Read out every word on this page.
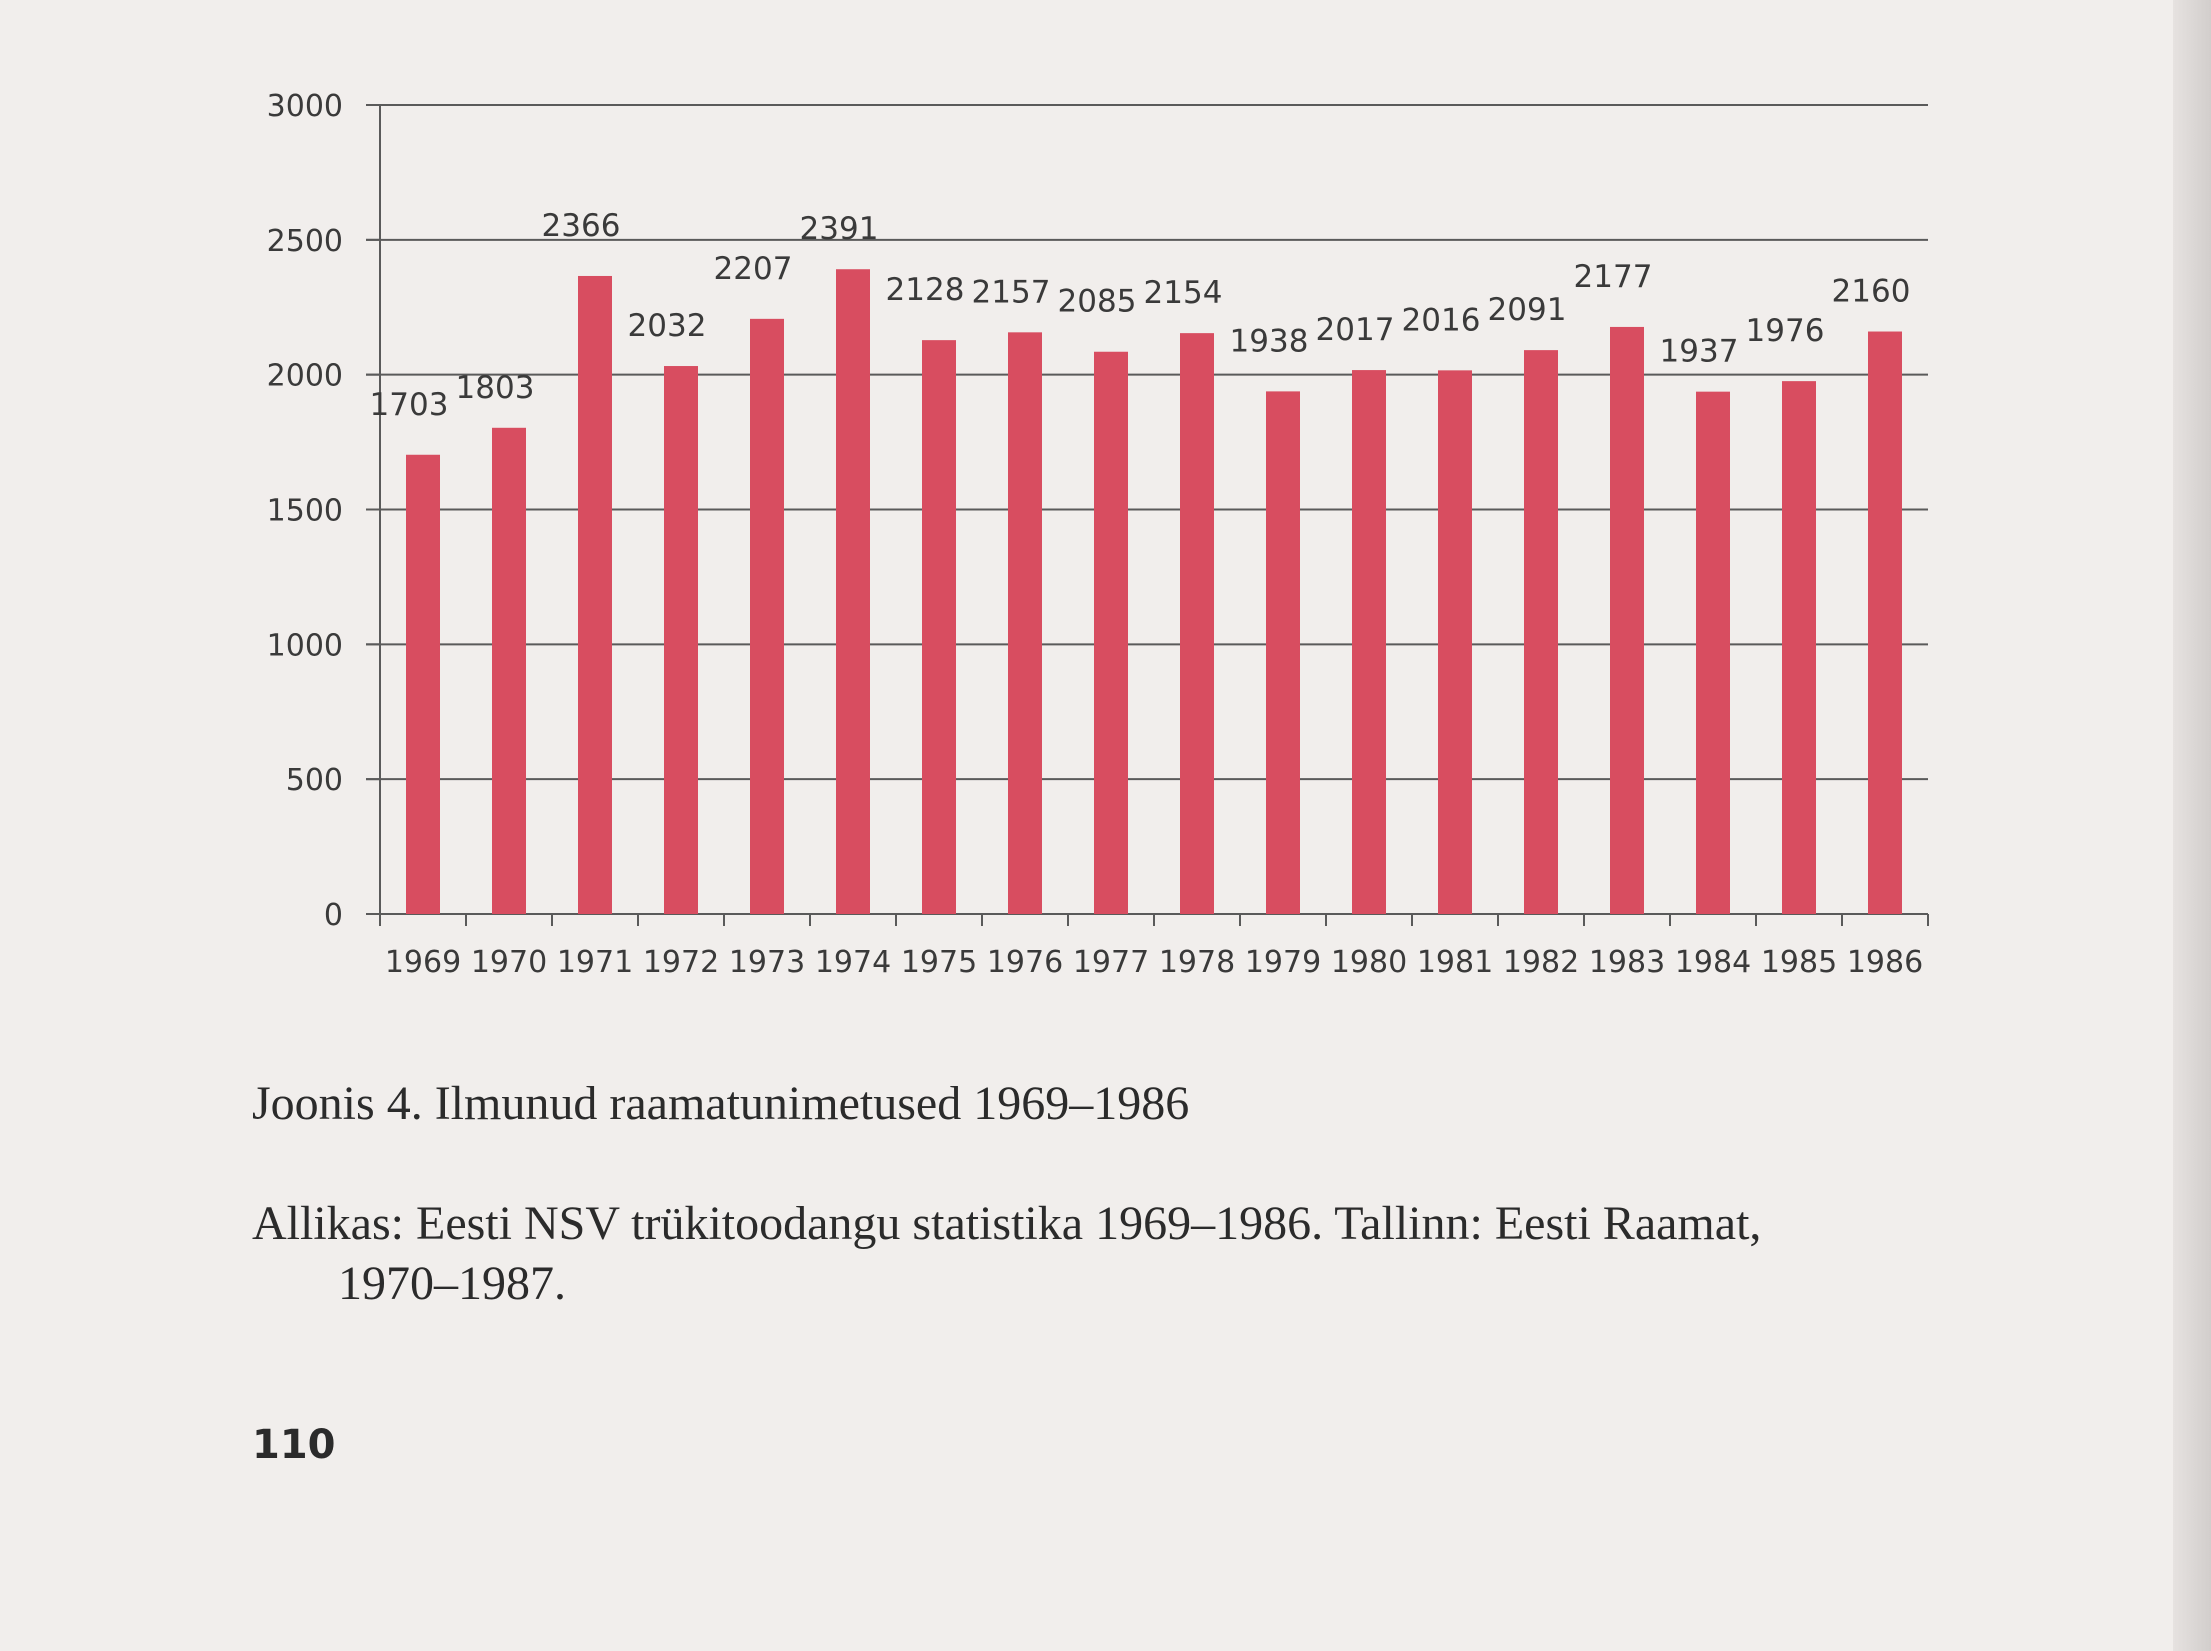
0
500
1000
1500
2000
2500
3000
1703
1969
1803
1970
2366
1971
2032
1972
2207
1973
2391
1974
2128
1975
2157
1976
2085
1977
2154
1978
1938
1979
2017
1980
2016
1981
2091
1982
2177
1983
1937
1984
1976
1985
2160
1986
Joonis 4. Ilmunud raamatunimetused 1969–1986
Allikas: Eesti NSV trükitoodangu statistika 1969–1986. Tallinn: Eesti Raamat,
1970–1987.
110
